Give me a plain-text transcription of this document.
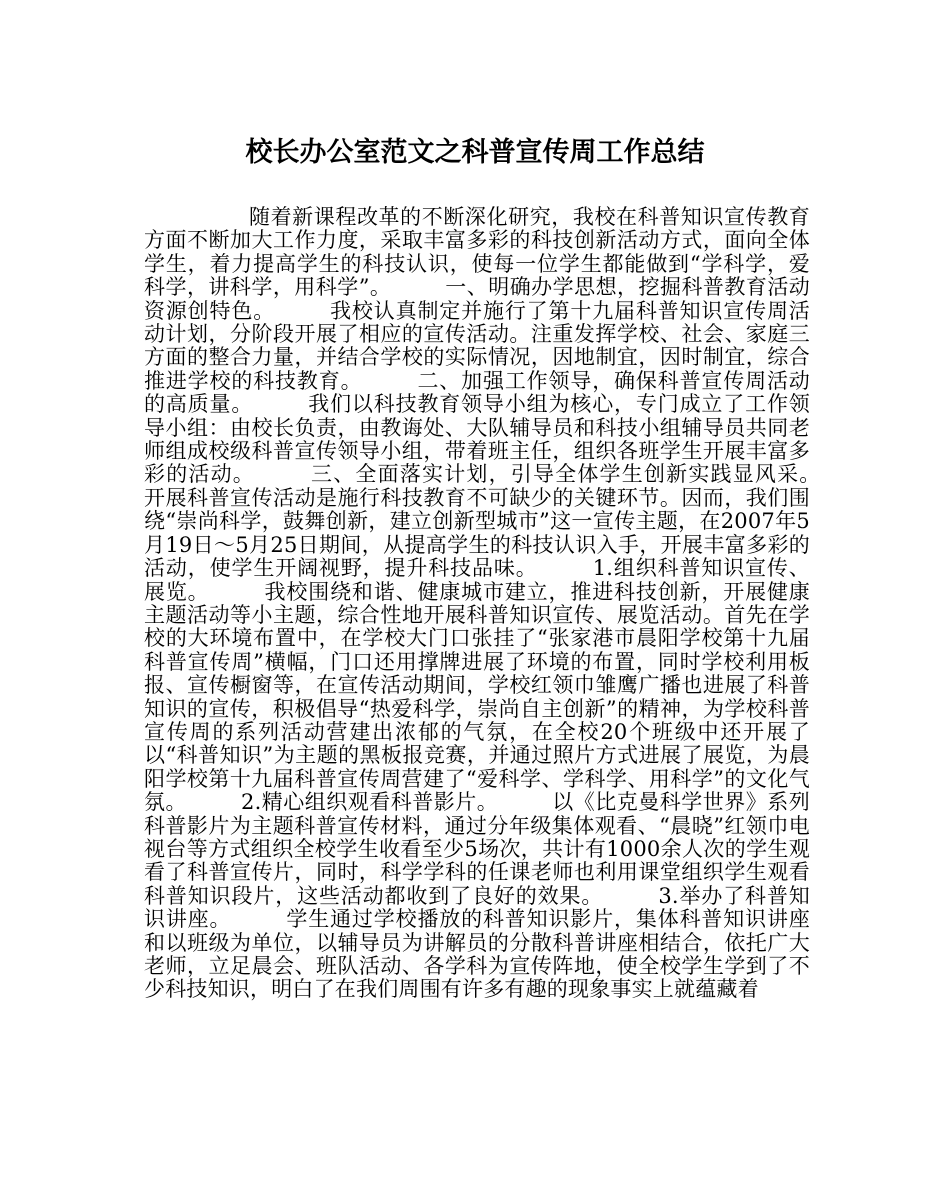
校长办公室范文之科普宣传周工作总结

随着新课程改革的不断深化研究，我校在科普知识宣传教育方面不断加大工作力度，采取丰富多彩的科技创新活动方式，面向全体学生，着力提高学生的科技认识，使每一位学生都能做到“学科学，爱科学，讲科学，用科学”。　　　一、明确办学思想，挖掘科普教育活动资源创特色。　　　我校认真制定并施行了第十九届科普知识宣传周活动计划，分阶段开展了相应的宣传活动。注重发挥学校、社会、家庭三方面的整合力量，并结合学校的实际情况，因地制宜，因时制宜，综合推进学校的科技教育。　　　二、加强工作领导，确保科普宣传周活动的高质量。　　　我们以科技教育领导小组为核心，专门成立了工作领导小组：由校长负责，由教诲处、大队辅导员和科技小组辅导员共同老师组成校级科普宣传领导小组，带着班主任，组织各班学生开展丰富多彩的活动。　　　三、全面落实计划，引导全体学生创新实践显风采。　　　开展科普宣传活动是施行科技教育不可缺少的关键环节。因而，我们围绕“崇尚科学，鼓舞创新，建立创新型城市”这一宣传主题，在2007年5月19日～5月25日期间，从提高学生的科技认识入手，开展丰富多彩的活动，使学生开阔视野，提升科技品味。　　　1.组织科普知识宣传、展览。　　　我校围绕和谐、健康城市建立，推进科技创新，开展健康主题活动等小主题，综合性地开展科普知识宣传、展览活动。首先在学校的大环境布置中，在学校大门口张挂了“张家港市晨阳学校第十九届科普宣传周”横幅，门口还用撑牌进展了环境的布置，同时学校利用板报、宣传橱窗等，在宣传活动期间，学校红领巾雏鹰广播也进展了科普知识的宣传，积极倡导“热爱科学，崇尚自主创新”的精神，为学校科普宣传周的系列活动营建出浓郁的气氛，在全校20个班级中还开展了以“科普知识”为主题的黑板报竞赛，并通过照片方式进展了展览，为晨阳学校第十九届科普宣传周营建了“爱科学、学科学、用科学”的文化气氛。　　　2.精心组织观看科普影片。　　　以《比克曼科学世界》系列科普影片为主题科普宣传材料，通过分年级集体观看、“晨晓”红领巾电视台等方式组织全校学生收看至少5场次，共计有1000余人次的学生观看了科普宣传片，同时，科学学科的任课老师也利用课堂组织学生观看科普知识段片，这些活动都收到了良好的效果。　　　3.举办了科普知识讲座。　　　学生通过学校播放的科普知识影片，集体科普知识讲座和以班级为单位，以辅导员为讲解员的分散科普讲座相结合，依托广大老师，立足晨会、班队活动、各学科为宣传阵地，使全校学生学到了不少科技知识，明白了在我们周围有许多有趣的现象事实上就蕴藏着
